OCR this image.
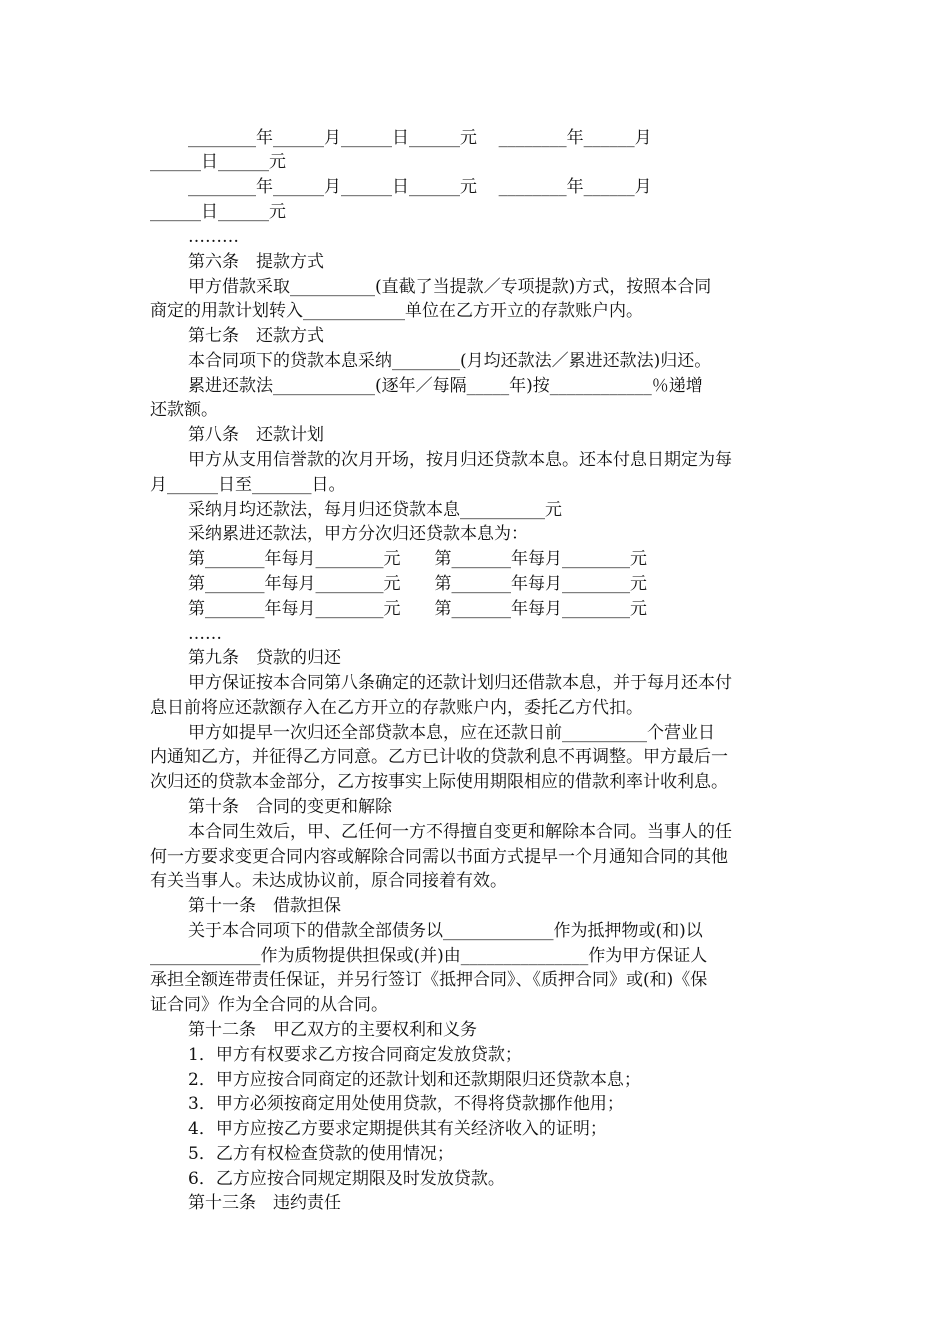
________年______月______日______元    ________年______月
______日______元
________年______月______日______元    ________年______月
______日______元
………
第六条　提款方式
甲方借款采取__________(直截了当提款／专项提款)方式，按照本合同
商定的用款计划转入____________单位在乙方开立的存款账户内。
第七条　还款方式
本合同项下的贷款本息采纳________(月均还款法／累进还款法)归还。
累进还款法____________(逐年／每隔_____年)按____________％递增
还款额。
第八条　还款计划
甲方从支用信誉款的次月开场，按月归还贷款本息。还本付息日期定为每
月______日至_______日。
采纳月均还款法，每月归还贷款本息__________元
采纳累进还款法，甲方分次归还贷款本息为：
第_______年每月________元　　第_______年每月________元
第_______年每月________元　　第_______年每月________元
第_______年每月________元　　第_______年每月________元
……
第九条　贷款的归还
甲方保证按本合同第八条确定的还款计划归还借款本息，并于每月还本付
息日前将应还款额存入在乙方开立的存款账户内，委托乙方代扣。
甲方如提早一次归还全部贷款本息，应在还款日前__________个营业日
内通知乙方，并征得乙方同意。乙方已计收的贷款利息不再调整。甲方最后一
次归还的贷款本金部分，乙方按事实上际使用期限相应的借款利率计收利息。
第十条　合同的变更和解除
本合同生效后，甲、乙任何一方不得擅自变更和解除本合同。当事人的任
何一方要求变更合同内容或解除合同需以书面方式提早一个月通知合同的其他
有关当事人。未达成协议前，原合同接着有效。
第十一条　借款担保
关于本合同项下的借款全部债务以_____________作为抵押物或(和)以
_____________作为质物提供担保或(并)由_______________作为甲方保证人
承担全额连带责任保证，并另行签订《抵押合同》、《质押合同》或(和)《保
证合同》作为全合同的从合同。
第十二条　甲乙双方的主要权利和义务
1．甲方有权要求乙方按合同商定发放贷款；
2．甲方应按合同商定的还款计划和还款期限归还贷款本息；
3．甲方必须按商定用处使用贷款，不得将贷款挪作他用；
4．甲方应按乙方要求定期提供其有关经济收入的证明；
5．乙方有权检查贷款的使用情况；
6．乙方应按合同规定期限及时发放贷款。
第十三条　违约责任
